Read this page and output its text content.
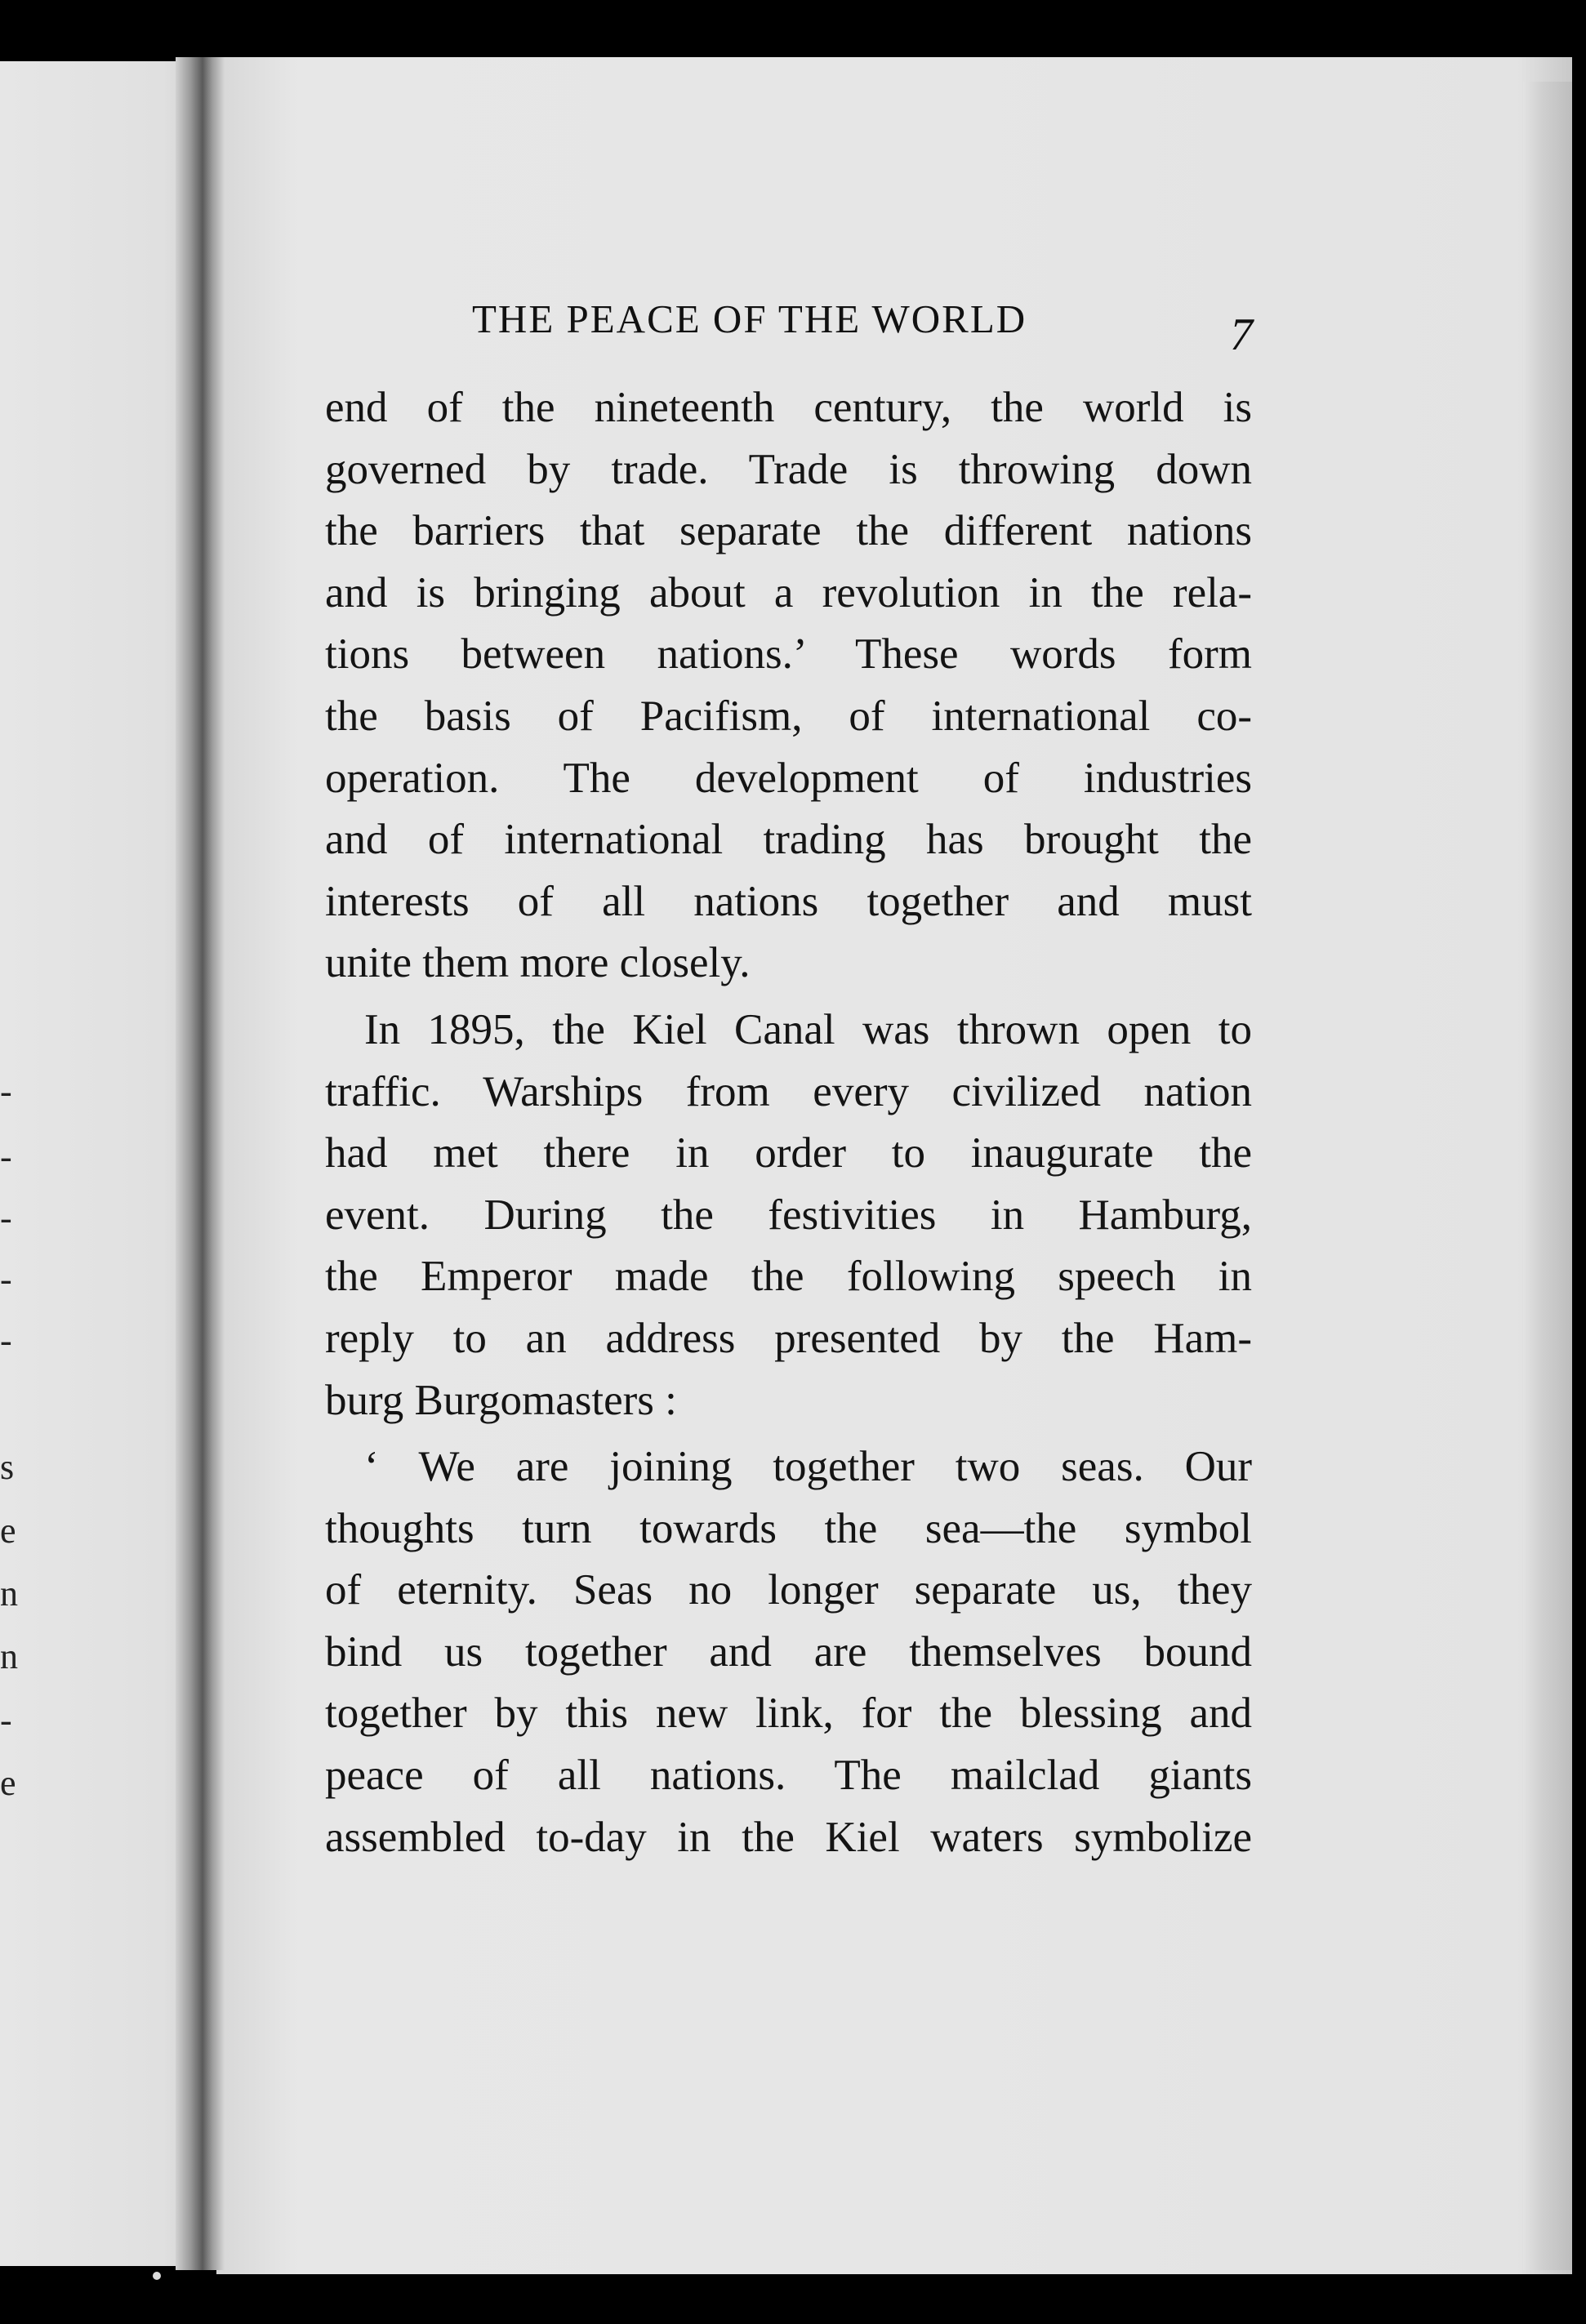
-
-
-
-
-
s
e
n
n
-
e
THE PEACE OF THE WORLD	7
end of the nineteenth century, the world is
governed by trade. Trade is throwing down
the barriers that separate the different nations
and is bringing about a revolution in the rela-
tions between nations.’ These words form
the basis of Pacifism, of international co-
operation. The development of industries
and of international trading has brought the
interests of all nations together and must
unite them more closely.
In 1895, the Kiel Canal was thrown open to
traffic. Warships from every civilized nation
had met there in order to inaugurate the
event. During the festivities in Hamburg,
the Emperor made the following speech in
reply to an address presented by the Ham-
burg Burgomasters :
‘ We are joining together two seas. Our
thoughts turn towards the sea—the symbol
of eternity. Seas no longer separate us, they
bind us together and are themselves bound
together by this new link, for the blessing and
peace of all nations. The mailclad giants
assembled to-day in the Kiel waters symbolize
